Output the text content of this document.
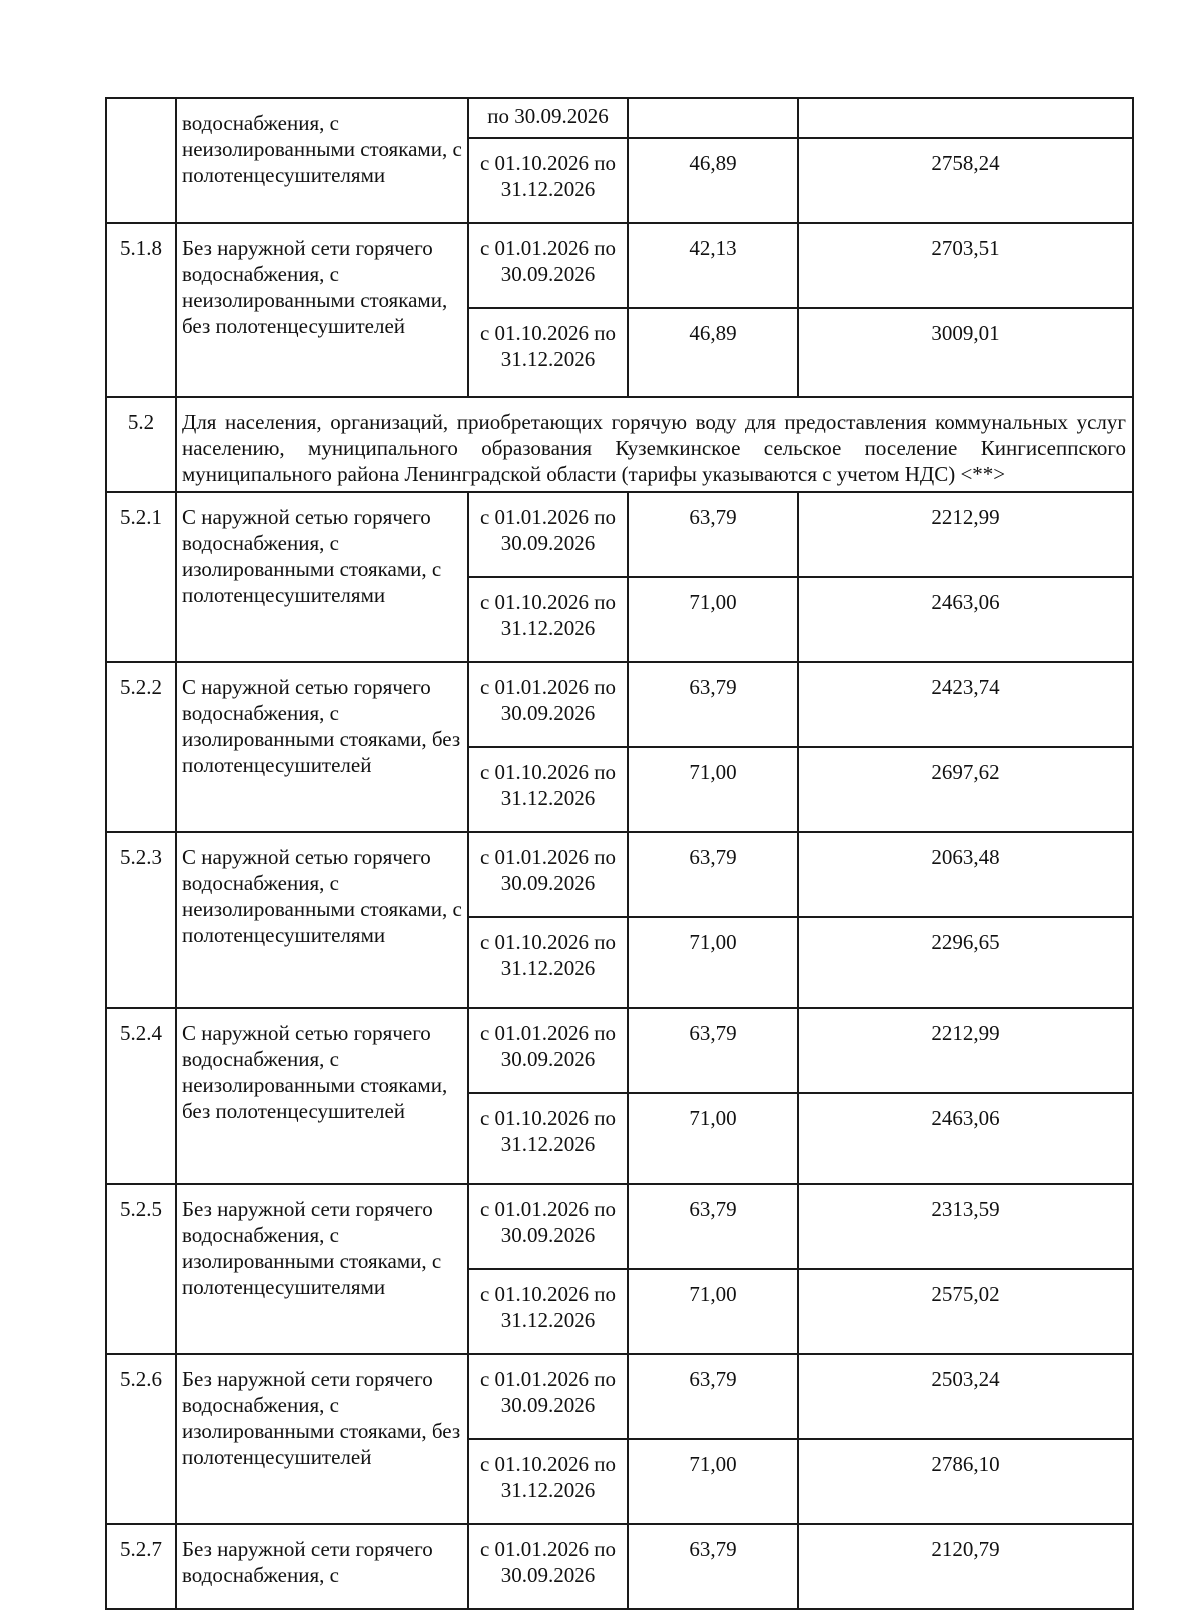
	водоснабжения, с неизолированными стояками, с полотенцесушителями	по 30.09.2026		
		с 01.10.2026 по 31.12.2026	46,89	2758,24
5.1.8	Без наружной сети горячего водоснабжения, с неизолированными стояками, без полотенцесушителей	с 01.01.2026 по 30.09.2026	42,13	2703,51
		с 01.10.2026 по 31.12.2026	46,89	3009,01
5.2	Для населения, организаций, приобретающих горячую воду для предоставления коммунальных услуг населению, муниципального образования Куземкинское сельское поселение Кингисеппского муниципального района Ленинградской области (тарифы указываются с учетом НДС) <**>			
5.2.1	С наружной сетью горячего водоснабжения, с изолированными стояками, с полотенцесушителями	с 01.01.2026 по 30.09.2026	63,79	2212,99
		с 01.10.2026 по 31.12.2026	71,00	2463,06
5.2.2	С наружной сетью горячего водоснабжения, с изолированными стояками, без полотенцесушителей	с 01.01.2026 по 30.09.2026	63,79	2423,74
		с 01.10.2026 по 31.12.2026	71,00	2697,62
5.2.3	С наружной сетью горячего водоснабжения, с неизолированными стояками, с полотенцесушителями	с 01.01.2026 по 30.09.2026	63,79	2063,48
		с 01.10.2026 по 31.12.2026	71,00	2296,65
5.2.4	С наружной сетью горячего водоснабжения, с неизолированными стояками, без полотенцесушителей	с 01.01.2026 по 30.09.2026	63,79	2212,99
		с 01.10.2026 по 31.12.2026	71,00	2463,06
5.2.5	Без наружной сети горячего водоснабжения, с изолированными стояками, с полотенцесушителями	с 01.01.2026 по 30.09.2026	63,79	2313,59
		с 01.10.2026 по 31.12.2026	71,00	2575,02
5.2.6	Без наружной сети горячего водоснабжения, с изолированными стояками, без полотенцесушителей	с 01.01.2026 по 30.09.2026	63,79	2503,24
		с 01.10.2026 по 31.12.2026	71,00	2786,10
5.2.7	Без наружной сети горячего водоснабжения, с	с 01.01.2026 по 30.09.2026	63,79	2120,79
